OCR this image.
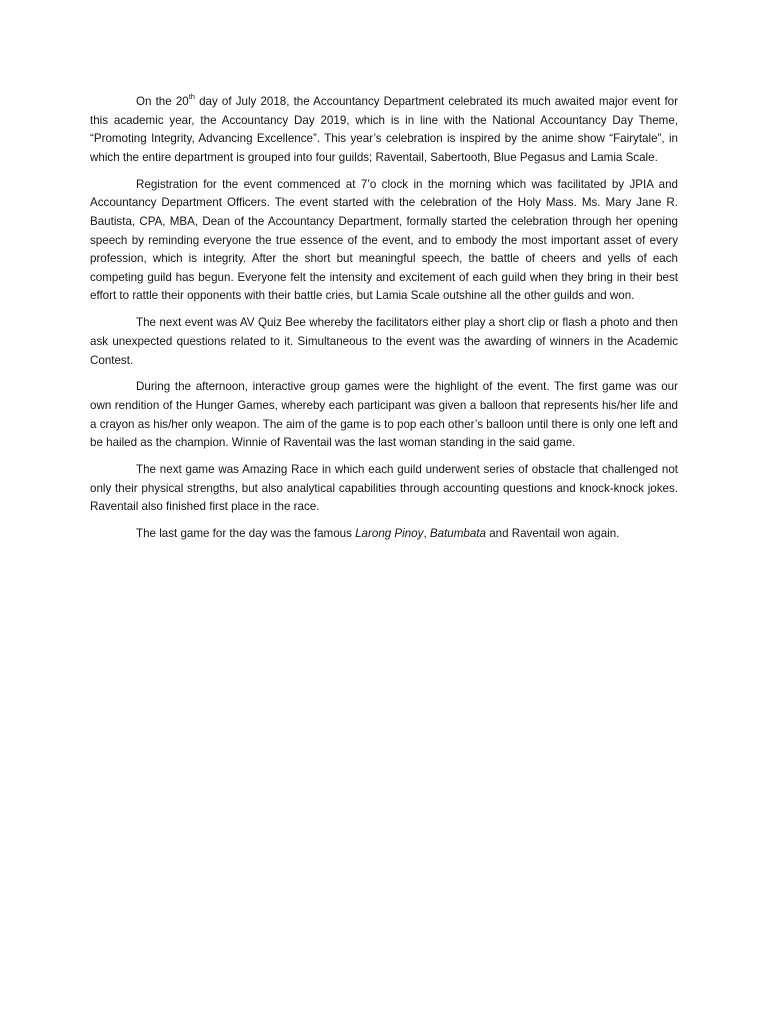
On the 20th day of July 2018, the Accountancy Department celebrated its much awaited major event for this academic year, the Accountancy Day 2019, which is in line with the National Accountancy Day Theme, “Promoting Integrity, Advancing Excellence”. This year’s celebration is inspired by the anime show “Fairytale”, in which the entire department is grouped into four guilds; Raventail, Sabertooth, Blue Pegasus and Lamia Scale.

Registration for the event commenced at 7’o clock in the morning which was facilitated by JPIA and Accountancy Department Officers. The event started with the celebration of the Holy Mass. Ms. Mary Jane R. Bautista, CPA, MBA, Dean of the Accountancy Department, formally started the celebration through her opening speech by reminding everyone the true essence of the event, and to embody the most important asset of every profession, which is integrity. After the short but meaningful speech, the battle of cheers and yells of each competing guild has begun. Everyone felt the intensity and excitement of each guild when they bring in their best effort to rattle their opponents with their battle cries, but Lamia Scale outshine all the other guilds and won.

The next event was AV Quiz Bee whereby the facilitators either play a short clip or flash a photo and then ask unexpected questions related to it. Simultaneous to the event was the awarding of winners in the Academic Contest.

During the afternoon, interactive group games were the highlight of the event. The first game was our own rendition of the Hunger Games, whereby each participant was given a balloon that represents his/her life and a crayon as his/her only weapon. The aim of the game is to pop each other’s balloon until there is only one left and be hailed as the champion. Winnie of Raventail was the last woman standing in the said game.

The next game was Amazing Race in which each guild underwent series of obstacle that challenged not only their physical strengths, but also analytical capabilities through accounting questions and knock-knock jokes. Raventail also finished first place in the race.

The last game for the day was the famous Larong Pinoy, Batumbata and Raventail won again.
